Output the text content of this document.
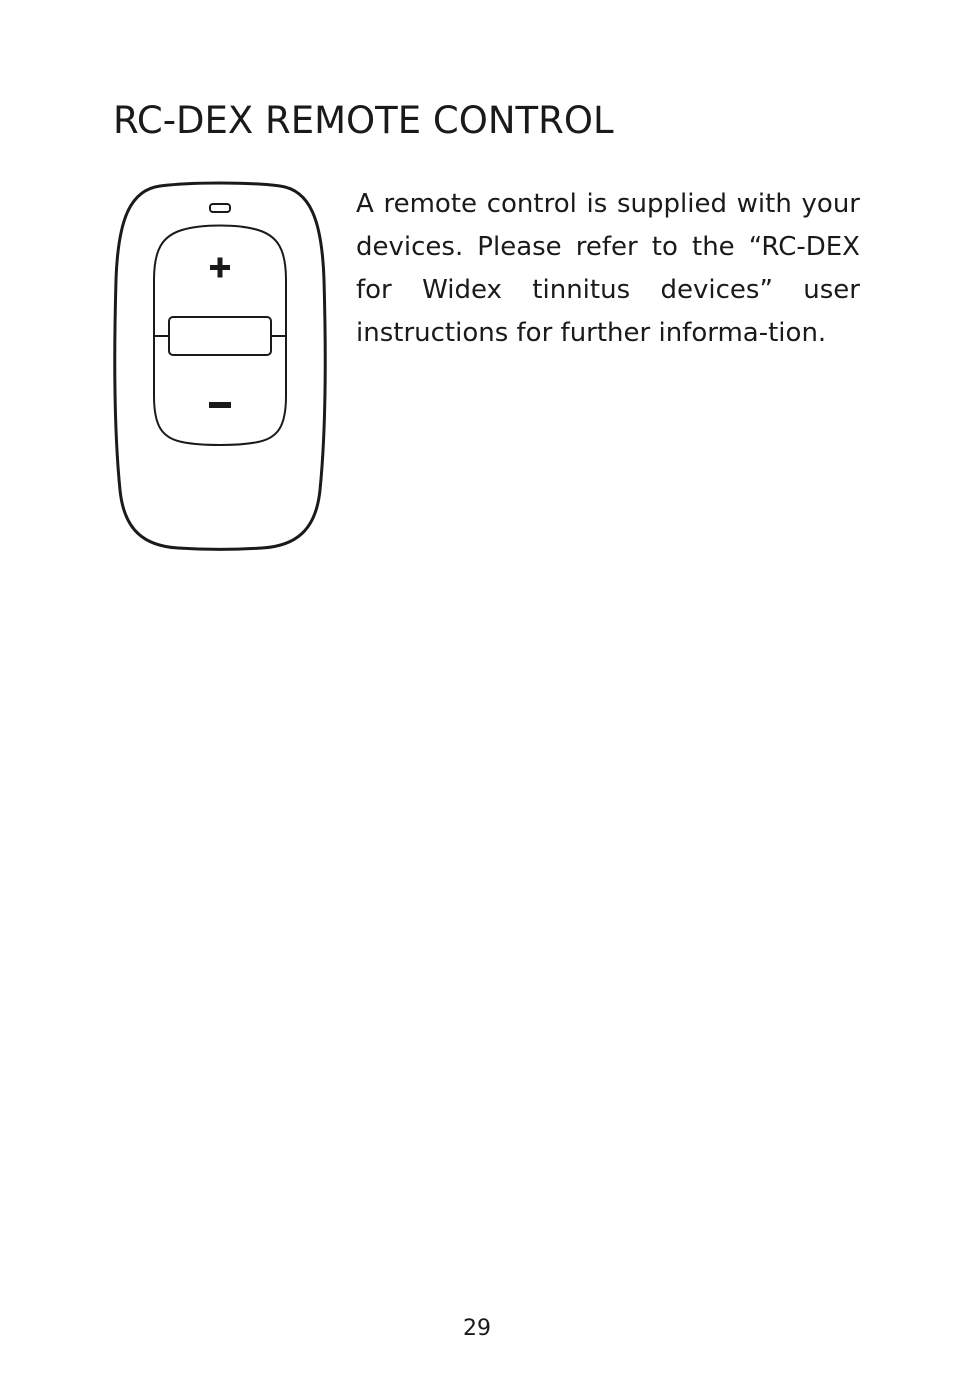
RC-DEX REMOTE CONTROL

A remote control is supplied with your devices. Please refer to the “RC-DEX for Widex tinnitus devices” user instructions for further informa-tion.

29
